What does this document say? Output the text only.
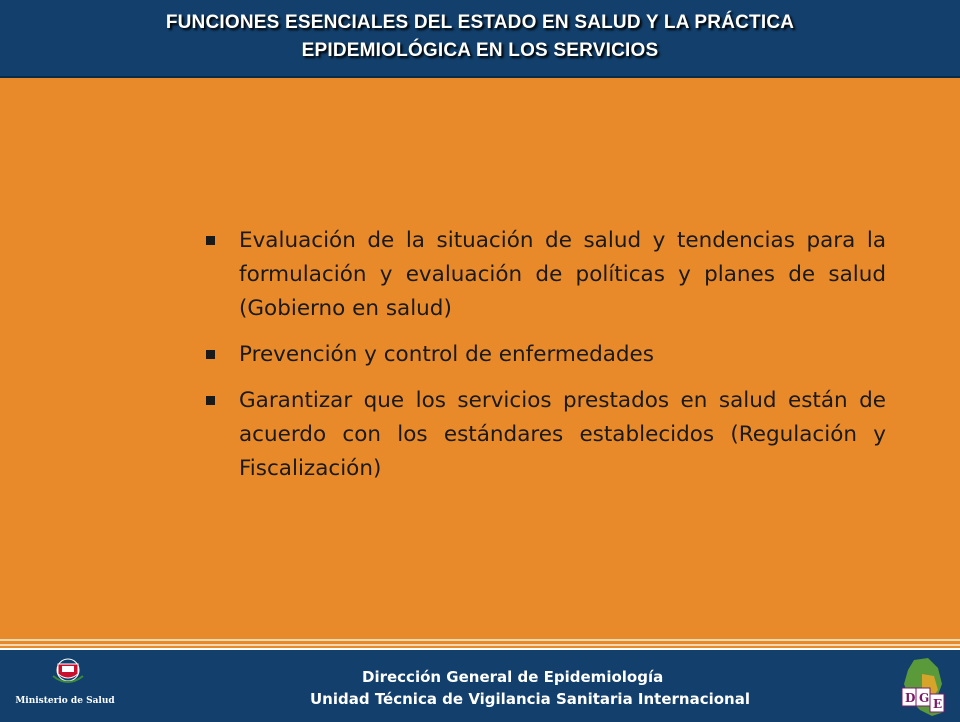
FUNCIONES ESENCIALES DEL ESTADO EN SALUD Y LA PRÁCTICA
EPIDEMIOLÓGICA EN LOS SERVICIOS
Evaluación de la situación de salud y tendencias para la formulación y evaluación de políticas y planes de salud (Gobierno en salud)
Prevención y control de enfermedades
Garantizar que los servicios prestados en salud están de acuerdo con los estándares establecidos (Regulación y Fiscalización)
Ministerio de Salud
Dirección General de Epidemiología
Unidad Técnica de Vigilancia Sanitaria Internacional	D G E
